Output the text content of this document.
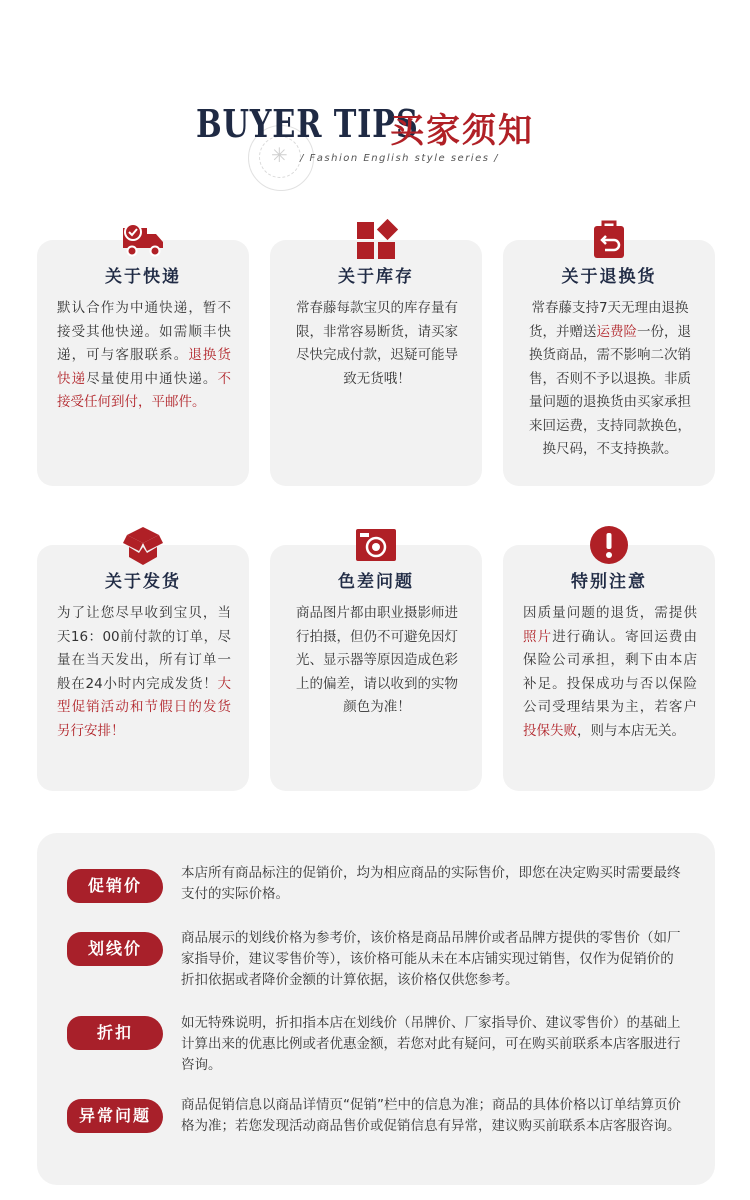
✳
BUYER TIPS
买家须知
/ Fashion English style series /
关于快递
默认合作为中通快递，暂不接受其他快递。如需顺丰快递，可与客服联系。退换货快递尽量使用中通快递。不接受任何到付，平邮件。
关于库存
常春藤每款宝贝的库存量有限，非常容易断货，请买家尽快完成付款，迟疑可能导致无货哦！
关于退换货
常春藤支持7天无理由退换货，并赠送运费险一份，退换货商品，需不影响二次销售，否则不予以退换。非质量问题的退换货由买家承担来回运费，支持同款换色，换尺码，不支持换款。
关于发货
为了让您尽早收到宝贝，当天16：00前付款的订单，尽量在当天发出，所有订单一般在24小时内完成发货！大型促销活动和节假日的发货另行安排！
色差问题
商品图片都由职业摄影师进行拍摄，但仍不可避免因灯光、显示器等原因造成色彩上的偏差，请以收到的实物颜色为准！
特别注意
因质量问题的退货，需提供照片进行确认。寄回运费由保险公司承担，剩下由本店补足。投保成功与否以保险公司受理结果为主，若客户投保失败，则与本店无关。
促销价
本店所有商品标注的促销价，均为相应商品的实际售价，即您在决定购买时需要最终支付的实际价格。
划线价
商品展示的划线价格为参考价，该价格是商品吊牌价或者品牌方提供的零售价（如厂家指导价，建议零售价等），该价格可能从未在本店铺实现过销售，仅作为促销价的折扣依据或者降价金额的计算依据，该价格仅供您参考。
折扣	如无特殊说明，折扣指本店在划线价（吊牌价、厂家指导价、建议零售价）的基础上计算出来的优惠比例或者优惠金额，若您对此有疑问，可在购买前联系本店客服进行咨询。
异常问题
商品促销信息以商品详情页“促销”栏中的信息为准；商品的具体价格以订单结算页价格为准；若您发现活动商品售价或促销信息有异常，建议购买前联系本店客服咨询。
